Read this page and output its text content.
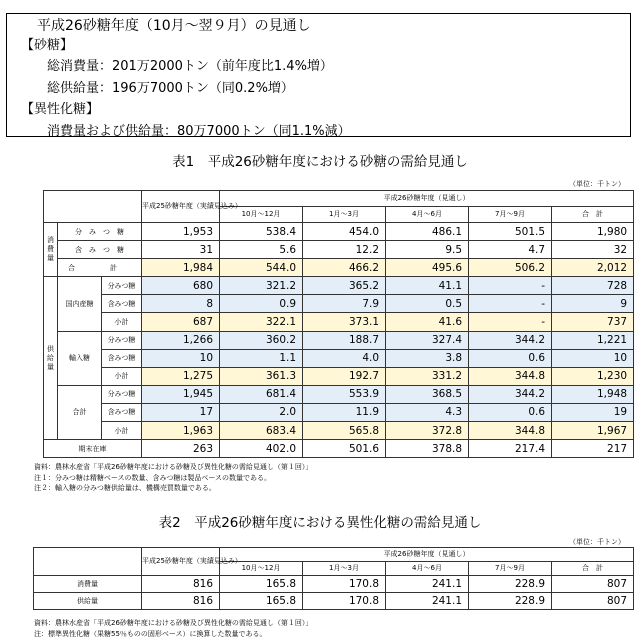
平成26砂糖年度（10月～翌９月）の見通し
【砂糖】
総消費量：201万2000トン（前年度比1.4%増）
総供給量：196万7000トン（同0.2%増）
【異性化糖】
消費量および供給量：80万7000トン（同1.1%減）
表1　平成26砂糖年度における砂糖の需給見通し
（単位：千トン）
			平成25砂糖年度（実績見込み）	平成26砂糖年度（見通し）				
				10月～12月	1月～3月	4月～6月	7月～9月	合　計
消費量	分　み　つ　糖		1,953	538.4	454.0	486.1	501.5	1,980
	含　み　つ　糖		31	5.6	12.2	9.5	4.7	32
	合　計		1,984	544.0	466.2	495.6	506.2	2,012
供給量	国内産糖	分みつ糖	680	321.2	365.2	41.1	-	728
		含みつ糖	8	0.9	7.9	0.5	-	9
		小計	687	322.1	373.1	41.6	-	737
	輸入糖	分みつ糖	1,266	360.2	188.7	327.4	344.2	1,221
		含みつ糖	10	1.1	4.0	3.8	0.6	10
		小計	1,275	361.3	192.7	331.2	344.8	1,230
	合計	分みつ糖	1,945	681.4	553.9	368.5	344.2	1,948
		含みつ糖	17	2.0	11.9	4.3	0.6	19
		小計	1,963	683.4	565.8	372.8	344.8	1,967
期末在庫			263	402.0	501.6	378.8	217.4	217
資料：農林水産省「平成26砂糖年度における砂糖及び異性化糖の需給見通し（第１回）」
注１：分みつ糖は精糖ベースの数量、含みつ糖は製品ベースの数量である。
注２：輸入糖の分みつ糖供給量は、機構売買数量である。
表2　平成26砂糖年度における異性化糖の需給見通し
（単位：千トン）
	平成25砂糖年度（実績見込み）	平成26砂糖年度（見通し）				
		10月～12月	1月～3月	4月～6月	7月～9月	合　計
消費量	816	165.8	170.8	241.1	228.9	807
供給量	816	165.8	170.8	241.1	228.9	807
資料：農林水産省「平成26砂糖年度における砂糖及び異性化糖の需給見通し（第１回）」
注：標準異性化糖（果糖55％ものの固形ベース）に換算した数量である。
